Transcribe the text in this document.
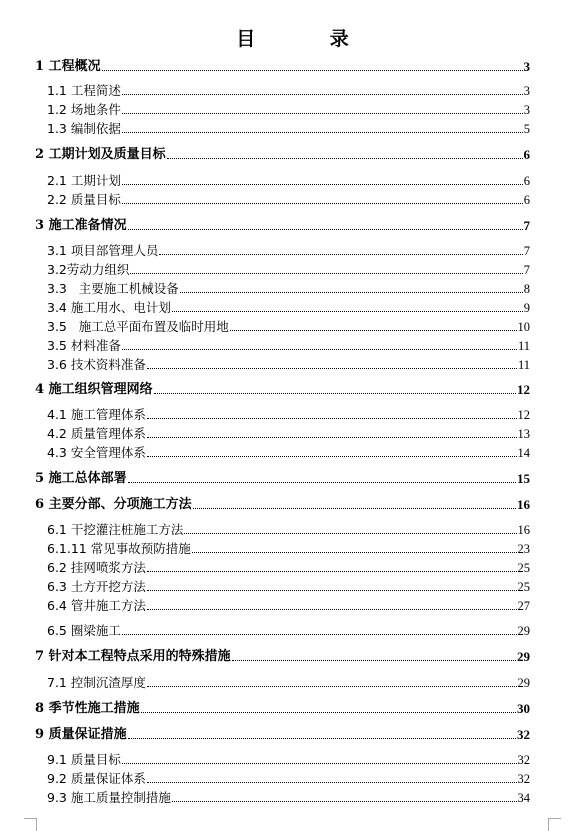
目 录
1 工程概况	3
1.1 工程简述	3
1.2 场地条件	3
1.3 编制依据	5
2 工期计划及质量目标	6
2.1 工期计划	6
2.2 质量目标	6
3 施工准备情况	7
3.1 项目部管理人员	7
3.2劳动力组织	7
3.3   主要施工机械设备	8
3.4 施工用水、电计划	9
3.5   施工总平面布置及临时用地	10
3.5 材料准备	11
3.6 技术资料准备	11
4 施工组织管理网络	12
4.1 施工管理体系	12
4.2 质量管理体系	13
4.3 安全管理体系	14
5 施工总体部署	15
6 主要分部、分项施工方法	16
6.1 干挖灌注桩施工方法	16
6.1.11 常见事故预防措施	23
6.2 挂网喷浆方法	25
6.3 土方开挖方法	25
6.4 管井施工方法	27
6.5 圈梁施工	29
7 针对本工程特点采用的特殊措施	29
7.1 控制沉渣厚度	29
8 季节性施工措施	30
9 质量保证措施	32
9.1 质量目标	32
9.2 质量保证体系	32
9.3 施工质量控制措施	34
